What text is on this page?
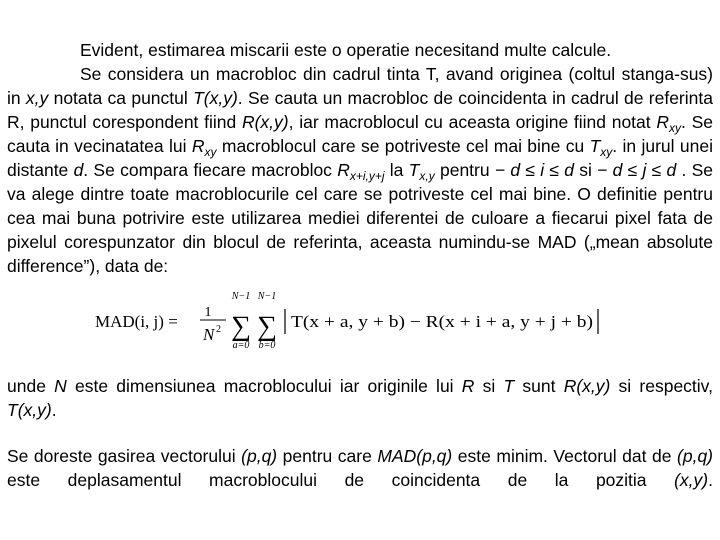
Evident, estimarea miscarii este o operatie necesitand multe calcule.

Se considera un macrobloc din cadrul tinta T, avand originea (coltul stanga-sus) in x,y notata ca punctul T(x,y). Se cauta un macrobloc de coincidenta in cadrul de referinta R, punctul corespondent fiind R(x,y), iar macroblocul cu aceasta origine fiind notat $R_{xy}$. Se cauta in vecinatatea lui $R_{xy}$ macroblocul care se potriveste cel mai bine cu $T_{xy}$. in jurul unei distante d. Se compara fiecare macrobloc $R_{x+i,y+j}$ la $T_{x,y}$ pentru − d ≤ i ≤ d si − d ≤ j ≤ d . Se va alege dintre toate macroblocurile cel care se potriveste cel mai bine. O definitie pentru cea mai buna potrivire este utilizarea mediei diferentei de culoare a fiecarui pixel fata de pixelul corespunzator din blocul de referinta, aceasta numindu-se MAD („mean absolute difference”), data de:

MAD(i, j) = 1
N 2
N−1
∑
a=0
N−1
∑
b=0
T(x + a, y + b) − R(x + i + a, y + j + b)

unde N este dimensiunea macroblocului iar originile lui R si T sunt R(x,y) si respectiv, T(x,y).

Se doreste gasirea vectorului (p,q) pentru care MAD(p,q) este minim. Vectorul dat de (p,q) este deplasamentul macroblocului de coincidenta de la pozitia (x,y).
